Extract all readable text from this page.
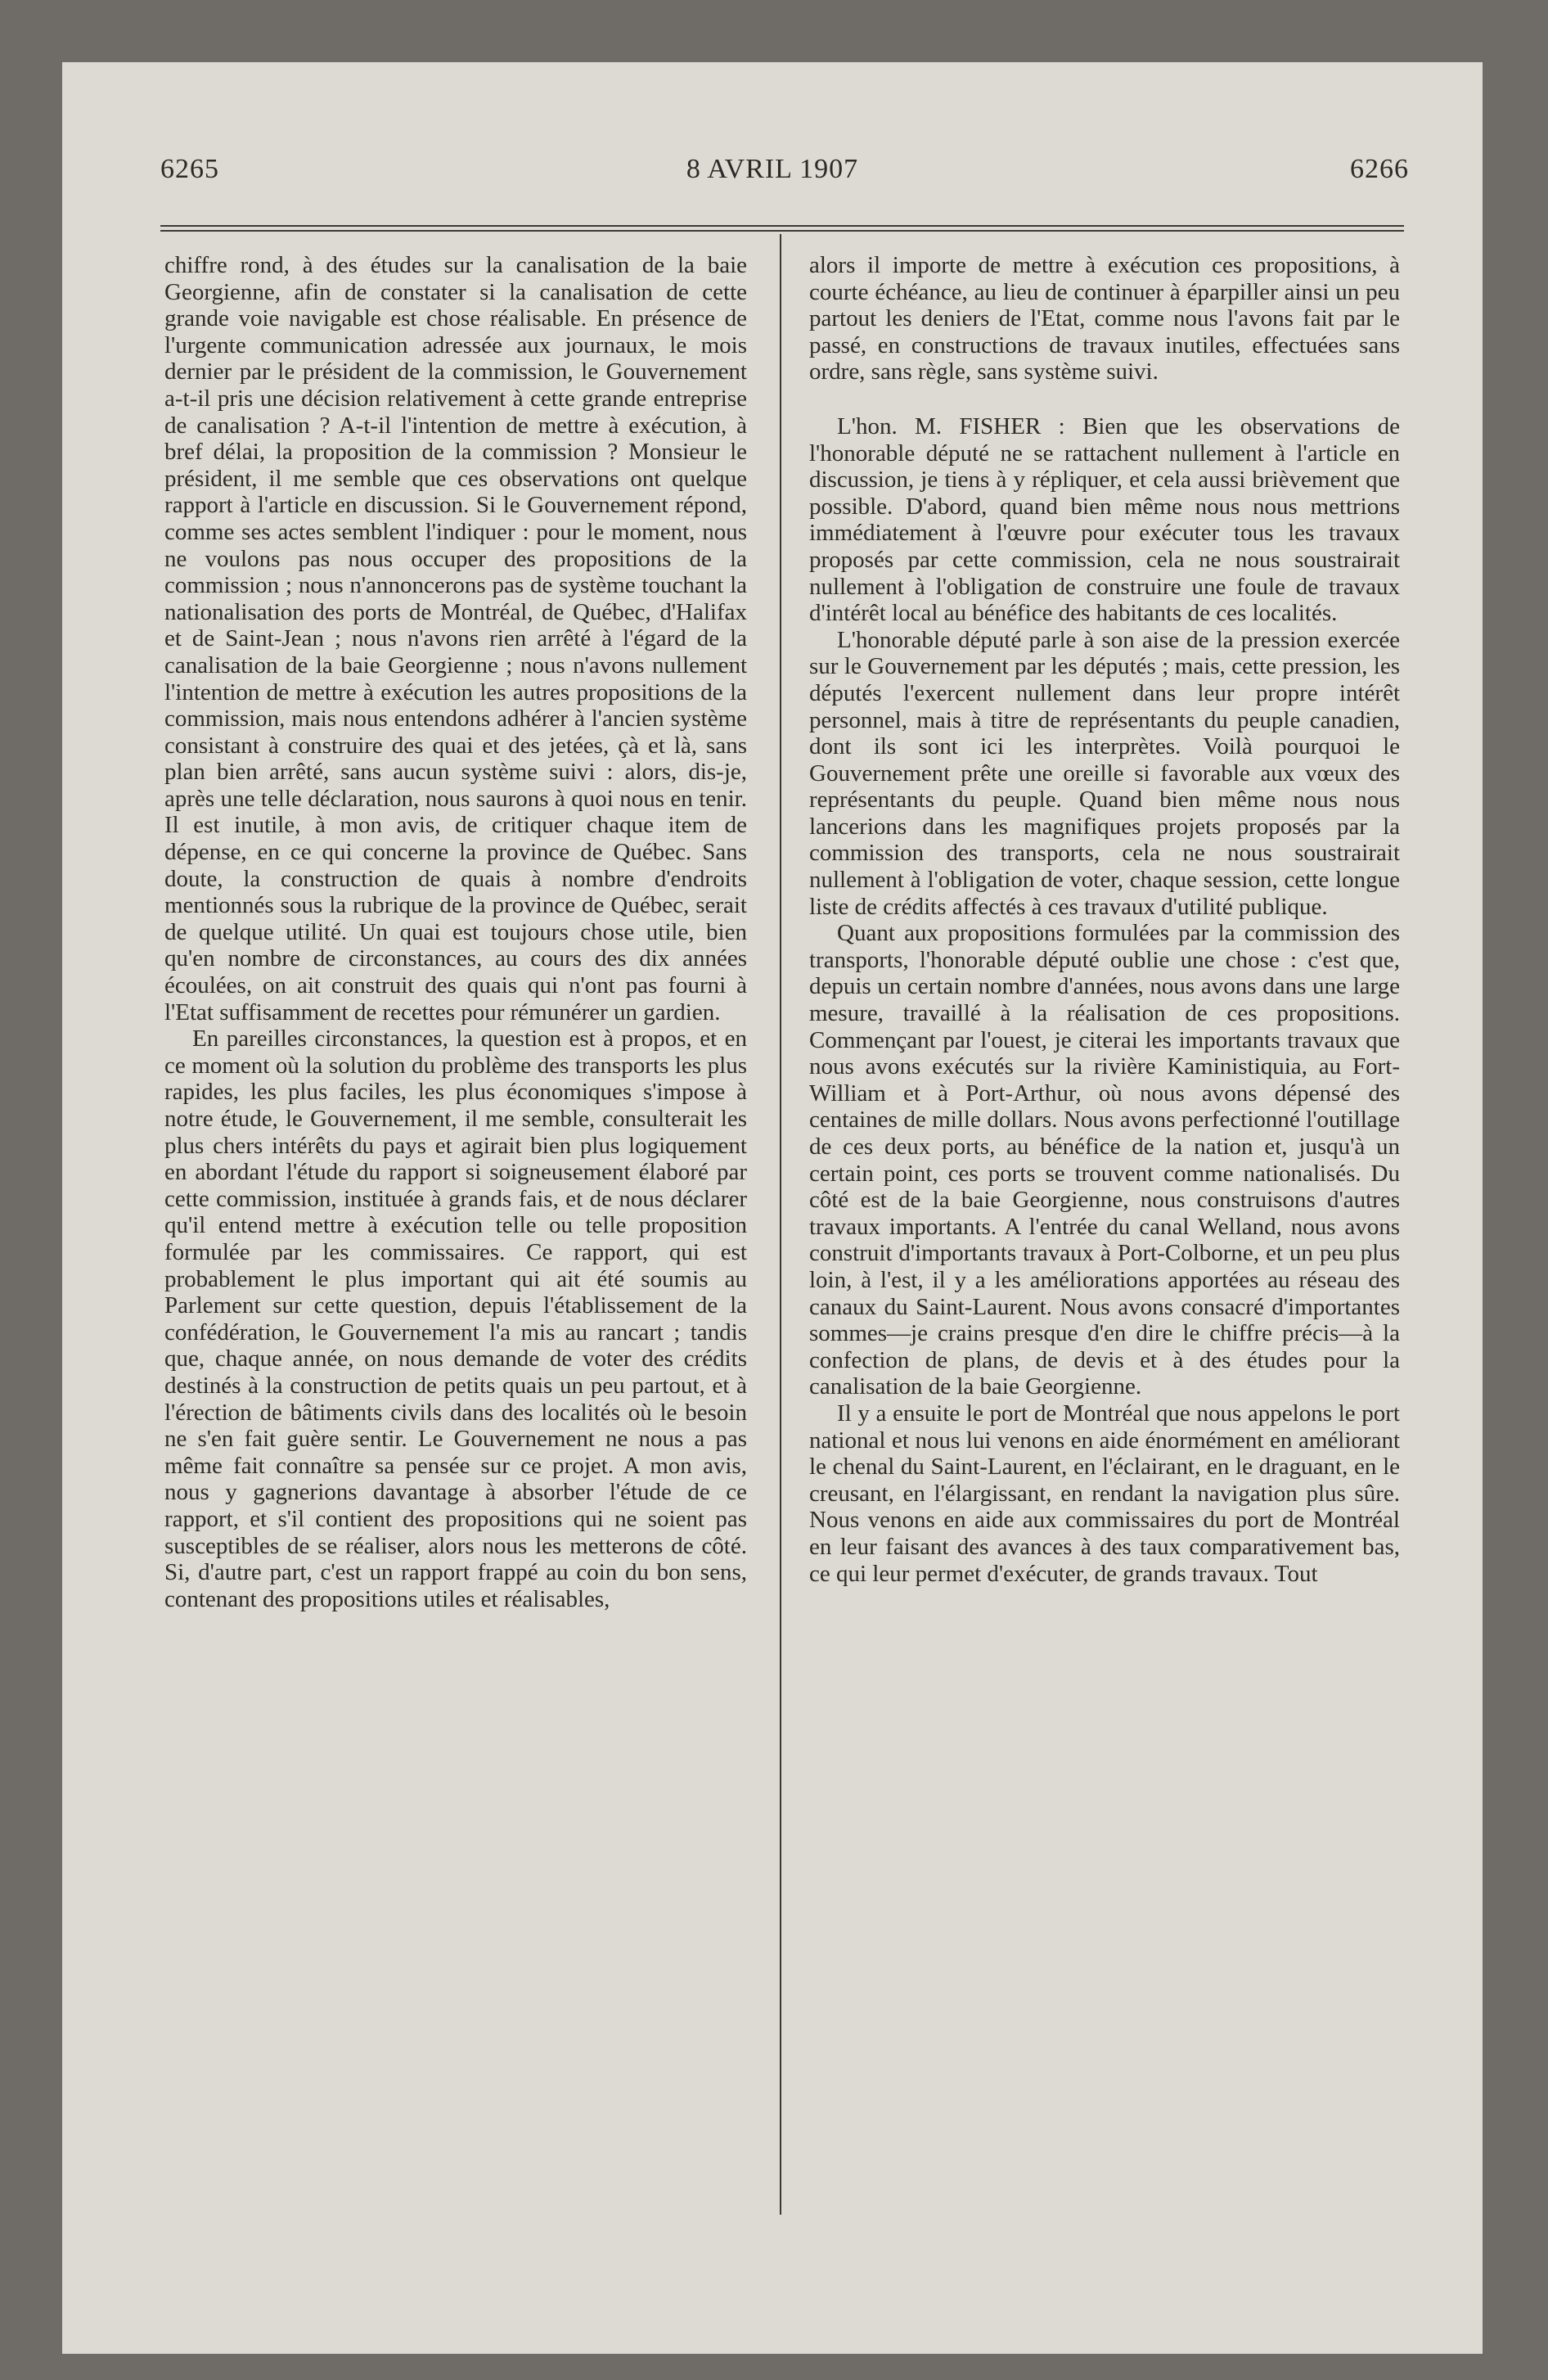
6265	8 AVRIL 1907	6266

chiffre rond, à des études sur la canalisation de la baie Georgienne, afin de constater si la canalisation de cette grande voie navigable est chose réalisable. En présence de l'urgente communication adressée aux journaux, le mois dernier par le président de la commission, le Gouvernement a-t-il pris une décision relativement à cette grande entreprise de canalisation ? A-t-il l'intention de mettre à exécution, à bref délai, la proposition de la commission ? Monsieur le président, il me semble que ces observations ont quelque rapport à l'article en discussion. Si le Gouvernement répond, comme ses actes semblent l'indiquer : pour le moment, nous ne voulons pas nous occuper des propositions de la commission ; nous n'annoncerons pas de système touchant la nationalisation des ports de Montréal, de Québec, d'Halifax et de Saint-Jean ; nous n'avons rien arrêté à l'égard de la canalisation de la baie Georgienne ; nous n'avons nullement l'intention de mettre à exécution les autres propositions de la commission, mais nous entendons adhérer à l'ancien système consistant à construire des quai et des jetées, çà et là, sans plan bien arrêté, sans aucun système suivi : alors, dis-je, après une telle déclaration, nous saurons à quoi nous en tenir. Il est inutile, à mon avis, de critiquer chaque item de dépense, en ce qui concerne la province de Québec. Sans doute, la construction de quais à nombre d'endroits mentionnés sous la rubrique de la province de Québec, serait de quelque utilité. Un quai est toujours chose utile, bien qu'en nombre de circonstances, au cours des dix années écoulées, on ait construit des quais qui n'ont pas fourni à l'Etat suffisamment de recettes pour rémunérer un gardien.

En pareilles circonstances, la question est à propos, et en ce moment où la solution du problème des transports les plus rapides, les plus faciles, les plus économiques s'impose à notre étude, le Gouvernement, il me semble, consulterait les plus chers intérêts du pays et agirait bien plus logiquement en abordant l'étude du rapport si soigneusement élaboré par cette commission, instituée à grands fais, et de nous déclarer qu'il entend mettre à exécution telle ou telle proposition formulée par les commissaires. Ce rapport, qui est probablement le plus important qui ait été soumis au Parlement sur cette question, depuis l'établissement de la confédération, le Gouvernement l'a mis au rancart ; tandis que, chaque année, on nous demande de voter des crédits destinés à la construction de petits quais un peu partout, et à l'érection de bâtiments civils dans des localités où le besoin ne s'en fait guère sentir. Le Gouvernement ne nous a pas même fait connaître sa pensée sur ce projet. A mon avis, nous y gagnerions davantage à absorber l'étude de ce rapport, et s'il contient des propositions qui ne soient pas susceptibles de se réaliser, alors nous les metterons de côté. Si, d'autre part, c'est un rapport frappé au coin du bon sens, contenant des propositions utiles et réalisables,

alors il importe de mettre à exécution ces propositions, à courte échéance, au lieu de continuer à éparpiller ainsi un peu partout les deniers de l'Etat, comme nous l'avons fait par le passé, en constructions de travaux inutiles, effectuées sans ordre, sans règle, sans système suivi.

L'hon. M. FISHER : Bien que les observations de l'honorable député ne se rattachent nullement à l'article en discussion, je tiens à y répliquer, et cela aussi brièvement que possible. D'abord, quand bien même nous nous mettrions immédiatement à l'œuvre pour exécuter tous les travaux proposés par cette commission, cela ne nous soustrairait nullement à l'obligation de construire une foule de travaux d'intérêt local au bénéfice des habitants de ces localités.

L'honorable député parle à son aise de la pression exercée sur le Gouvernement par les députés ; mais, cette pression, les députés l'exercent nullement dans leur propre intérêt personnel, mais à titre de représentants du peuple canadien, dont ils sont ici les interprètes. Voilà pourquoi le Gouvernement prête une oreille si favorable aux vœux des représentants du peuple. Quand bien même nous nous lancerions dans les magnifiques projets proposés par la commission des transports, cela ne nous soustrairait nullement à l'obligation de voter, chaque session, cette longue liste de crédits affectés à ces travaux d'utilité publique.

Quant aux propositions formulées par la commission des transports, l'honorable député oublie une chose : c'est que, depuis un certain nombre d'années, nous avons dans une large mesure, travaillé à la réalisation de ces propositions. Commençant par l'ouest, je citerai les importants travaux que nous avons exécutés sur la rivière Kaministiquia, au Fort-William et à Port-Arthur, où nous avons dépensé des centaines de mille dollars. Nous avons perfectionné l'outillage de ces deux ports, au bénéfice de la nation et, jusqu'à un certain point, ces ports se trouvent comme nationalisés. Du côté est de la baie Georgienne, nous construisons d'autres travaux importants. A l'entrée du canal Welland, nous avons construit d'importants travaux à Port-Colborne, et un peu plus loin, à l'est, il y a les améliorations apportées au réseau des canaux du Saint-Laurent. Nous avons consacré d'importantes sommes—je crains presque d'en dire le chiffre précis—à la confection de plans, de devis et à des études pour la canalisation de la baie Georgienne.

Il y a ensuite le port de Montréal que nous appelons le port national et nous lui venons en aide énormément en améliorant le chenal du Saint-Laurent, en l'éclairant, en le draguant, en le creusant, en l'élargissant, en rendant la navigation plus sûre. Nous venons en aide aux commissaires du port de Montréal en leur faisant des avances à des taux comparativement bas, ce qui leur permet d'exécuter, de grands travaux. Tout
